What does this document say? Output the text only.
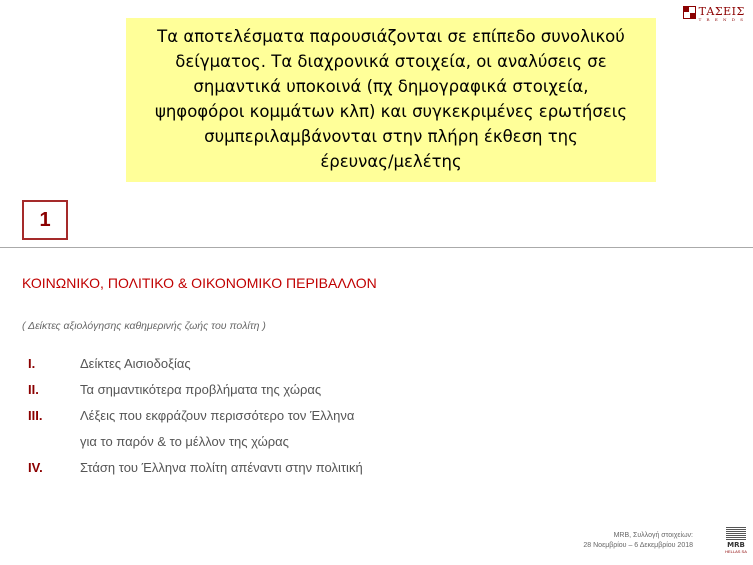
Τα αποτελέσματα παρουσιάζονται σε επίπεδο συνολικού
δείγματος. Τα διαχρονικά στοιχεία, οι αναλύσεις σε
σημαντικά υποκοινά (πχ δημογραφικά στοιχεία,
ψηφοφόροι κομμάτων κλπ) και συγκεκριμένες ερωτήσεις
συμπεριλαμβάνονται στην πλήρη έκθεση της
έρευνας/μελέτης
ΤΑΣΕΙΣ
T R E N D S
1
ΚΟΙΝΩΝΙΚΟ, ΠΟΛΙΤΙΚΟ & ΟΙΚΟΝΟΜΙΚΟ ΠΕΡΙΒΑΛΛΟΝ
( Δείκτες αξιολόγησης καθημερινής ζωής του πολίτη )
I.	Δείκτες Αισιοδοξίας
II.	Τα σημαντικότερα προβλήματα της χώρας
III.	Λέξεις που εκφράζουν περισσότερο τον Έλληνα
για το παρόν & το μέλλον της χώρας
IV.	Στάση του Έλληνα πολίτη απέναντι στην πολιτική
MRB, Συλλογή στοιχείων:
28 Νοεμβρίου – 6 Δεκεμβρίου 2018	MRB
HELLAS SA
